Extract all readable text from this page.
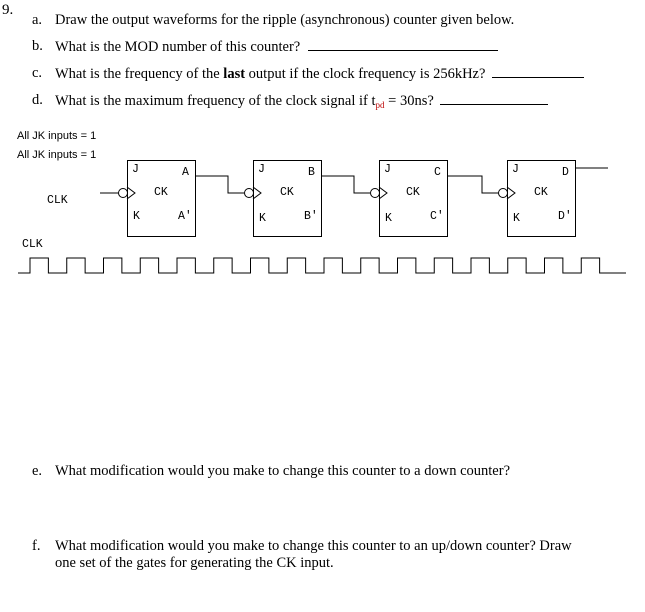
9.
a. Draw the output waveforms for the ripple (asynchronous) counter given below.
b. What is the MOD number of this counter?
c. What is the frequency of the last output if the clock frequency is 256kHz?
d. What is the maximum frequency of the clock signal if $t_{pd} = 30ns$?
All JK inputs = 1
All JK inputs = 1
CLK
CLK
J	A
CK
K	A'
J	B
CK
K	B'
J	C
CK
K	C'
J	D
CK
K	D'
e. What modification would you make to change this counter to a down counter?
f. What modification would you make to change this counter to an up/down counter? Draw
one set of the gates for generating the CK input.
